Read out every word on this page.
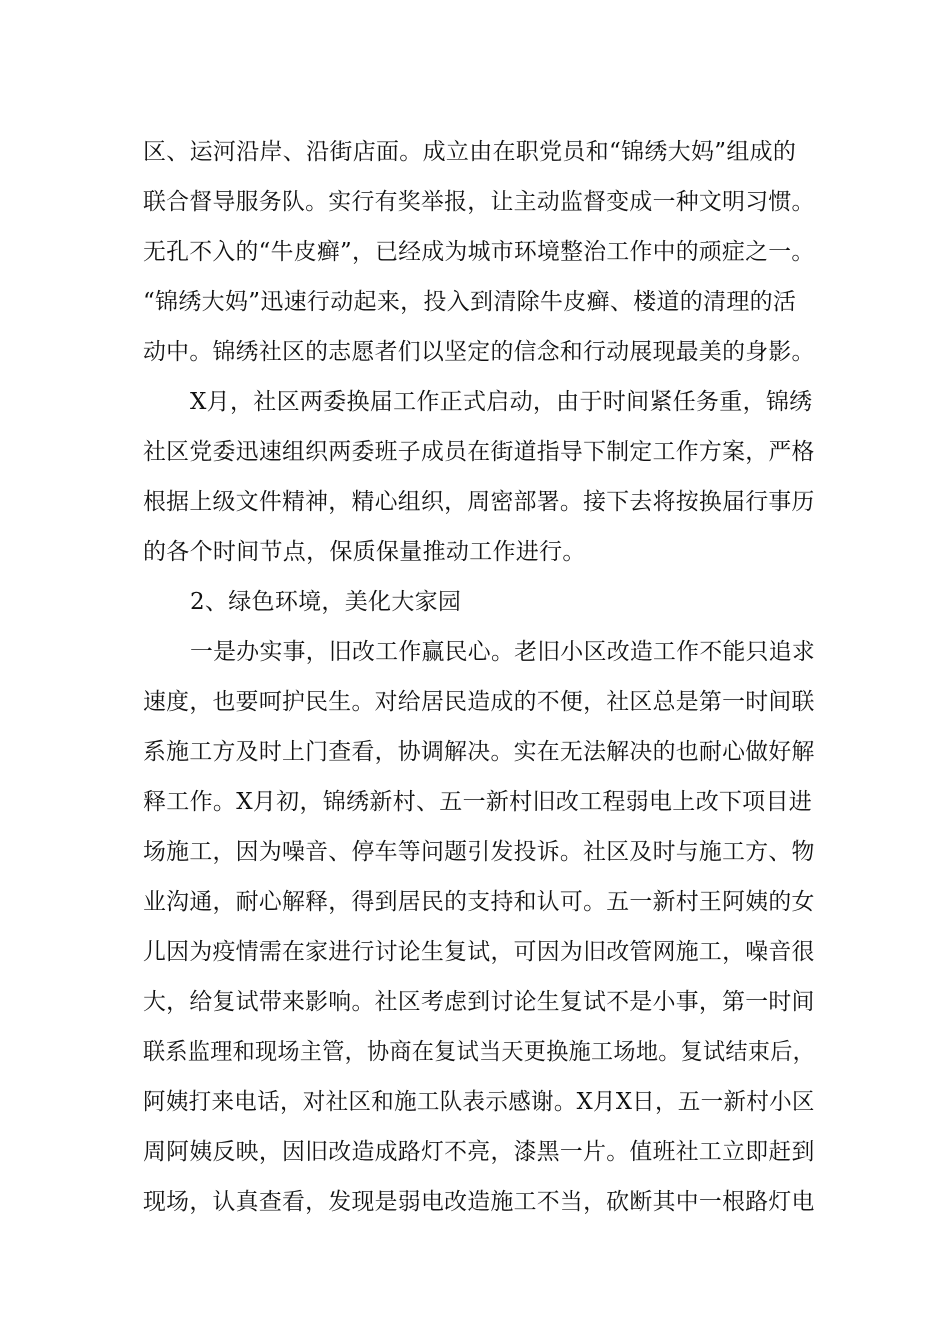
区、运河沿岸、沿街店面。成立由在职党员和“锦绣大妈”组成的
联合督导服务队。实行有奖举报，让主动监督变成一种文明习惯。
无孔不入的“牛皮癣”，已经成为城市环境整治工作中的顽症之一。
“锦绣大妈”迅速行动起来，投入到清除牛皮癣、楼道的清理的活
动中。锦绣社区的志愿者们以坚定的信念和行动展现最美的身影。
X月，社区两委换届工作正式启动，由于时间紧任务重，锦绣
社区党委迅速组织两委班子成员在街道指导下制定工作方案，严格
根据上级文件精神，精心组织，周密部署。接下去将按换届行事历
的各个时间节点，保质保量推动工作进行。
2、绿色环境，美化大家园
一是办实事，旧改工作赢民心。老旧小区改造工作不能只追求
速度，也要呵护民生。对给居民造成的不便，社区总是第一时间联
系施工方及时上门查看，协调解决。实在无法解决的也耐心做好解
释工作。X月初，锦绣新村、五一新村旧改工程弱电上改下项目进
场施工，因为噪音、停车等问题引发投诉。社区及时与施工方、物
业沟通，耐心解释，得到居民的支持和认可。五一新村王阿姨的女
儿因为疫情需在家进行讨论生复试，可因为旧改管网施工，噪音很
大，给复试带来影响。社区考虑到讨论生复试不是小事，第一时间
联系监理和现场主管，协商在复试当天更换施工场地。复试结束后，
阿姨打来电话，对社区和施工队表示感谢。X月X日，五一新村小区
周阿姨反映，因旧改造成路灯不亮，漆黑一片。值班社工立即赶到
现场，认真查看，发现是弱电改造施工不当，砍断其中一根路灯电
